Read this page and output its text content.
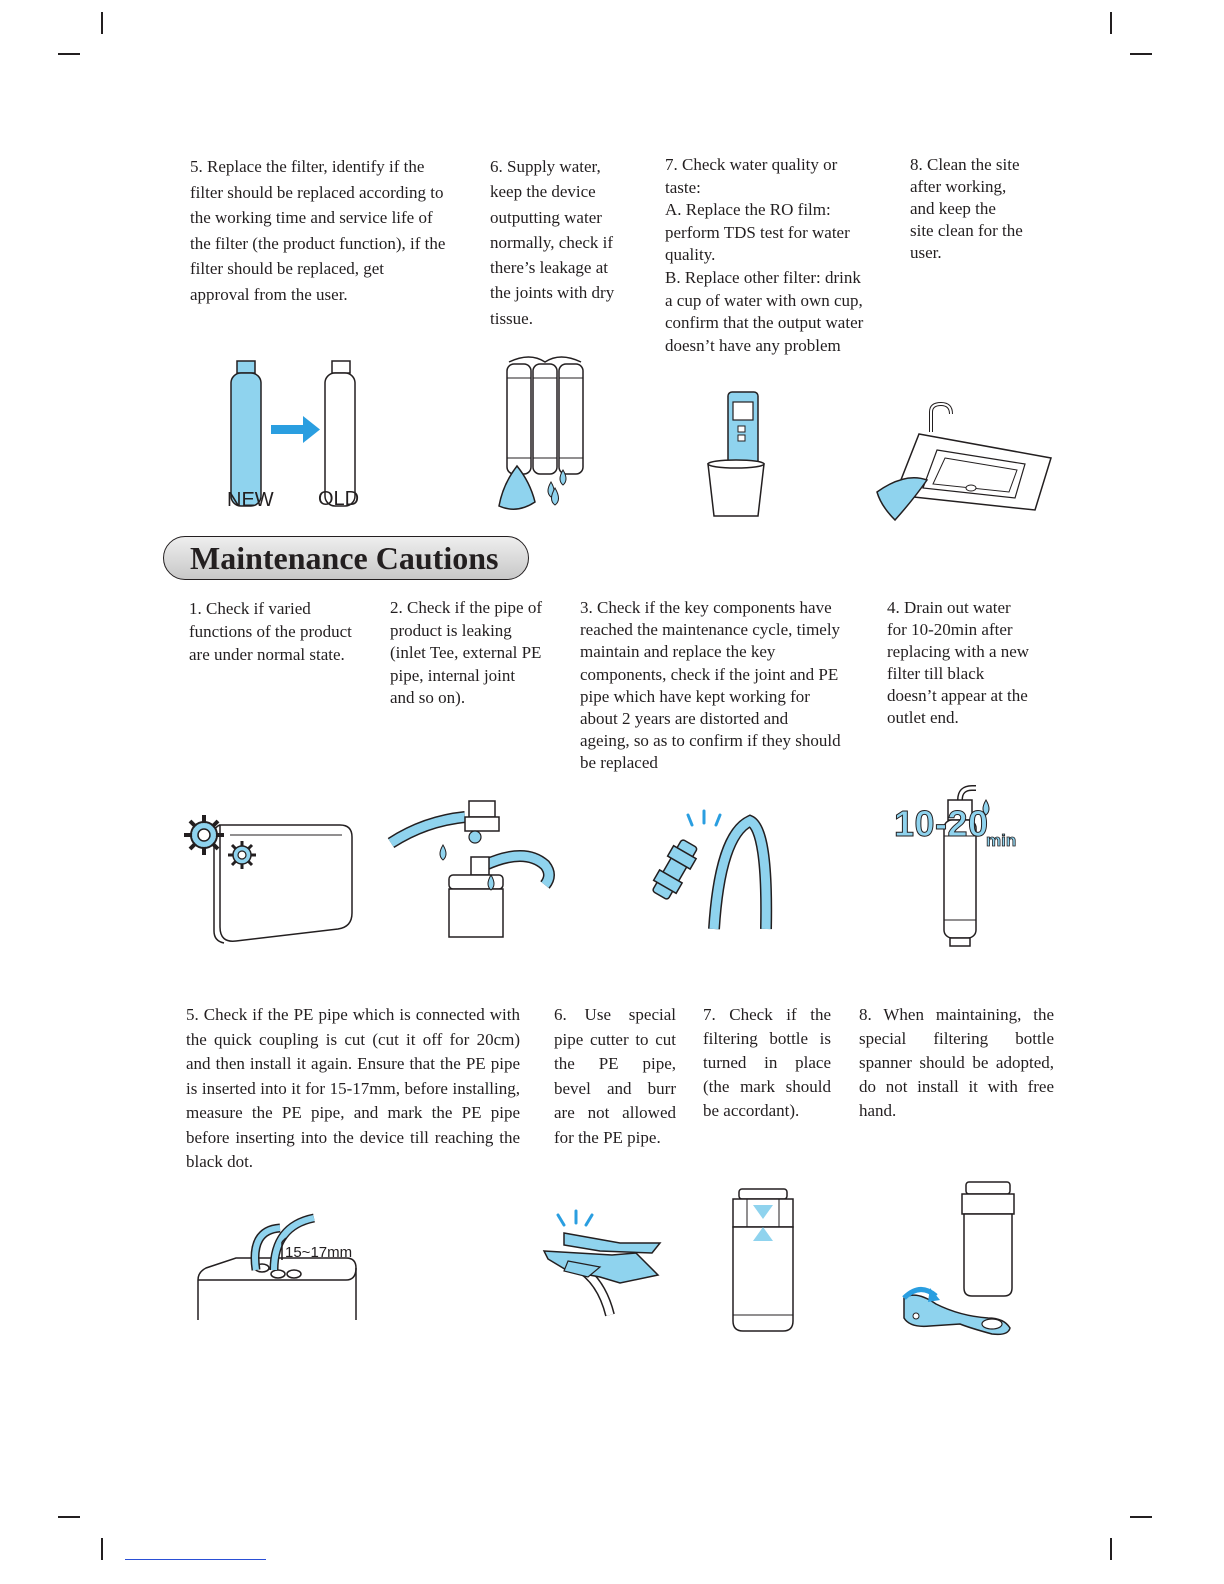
5. Replace the filter, identify if the
filter should be replaced according to
the working time and service life of
the filter (the product function), if the
filter should be replaced, get
approval from the user.

6. Supply water,
keep the device
outputting water
normally, check if
there’s leakage at
the joints with dry
tissue.

7. Check water quality or
taste:
A. Replace the RO film:
perform TDS test for water
quality.
B. Replace other filter: drink
a cup of water with own cup,
confirm that the output water
doesn’t have any problem

8. Clean the site
after working,
and keep the
site clean for the
user.

NEW OLD
Maintenance Cautions

1. Check if varied
functions of the product
are under normal state.

2. Check if the pipe of
product is leaking
(inlet Tee, external PE
pipe, internal joint
and so on).

3. Check if the key components have
reached the maintenance cycle, timely
maintain and replace the key
components, check if the joint and PE
pipe which have kept working for
about 2 years are distorted and
ageing, so as to confirm if they should
be replaced

4. Drain out water
for 10-20min after
replacing with a new
filter till black
doesn’t appear at the
outlet end.

10-20
min

5. Check if the PE pipe which is connected with the quick coupling is cut (cut it off for 20cm) and then install it again. Ensure that the PE pipe is inserted into it for 15-17mm, before installing, measure the PE pipe, and mark the PE pipe before inserting into the device till reaching the black dot.

6. Use special pipe cutter to cut the PE pipe, bevel and burr are not allowed for the PE pipe.

7. Check if the filtering bottle is turned in place (the mark should be accordant).

8. When maintaining, the special filtering bottle spanner should be adopted, do not install it with free hand.

15~17mm
